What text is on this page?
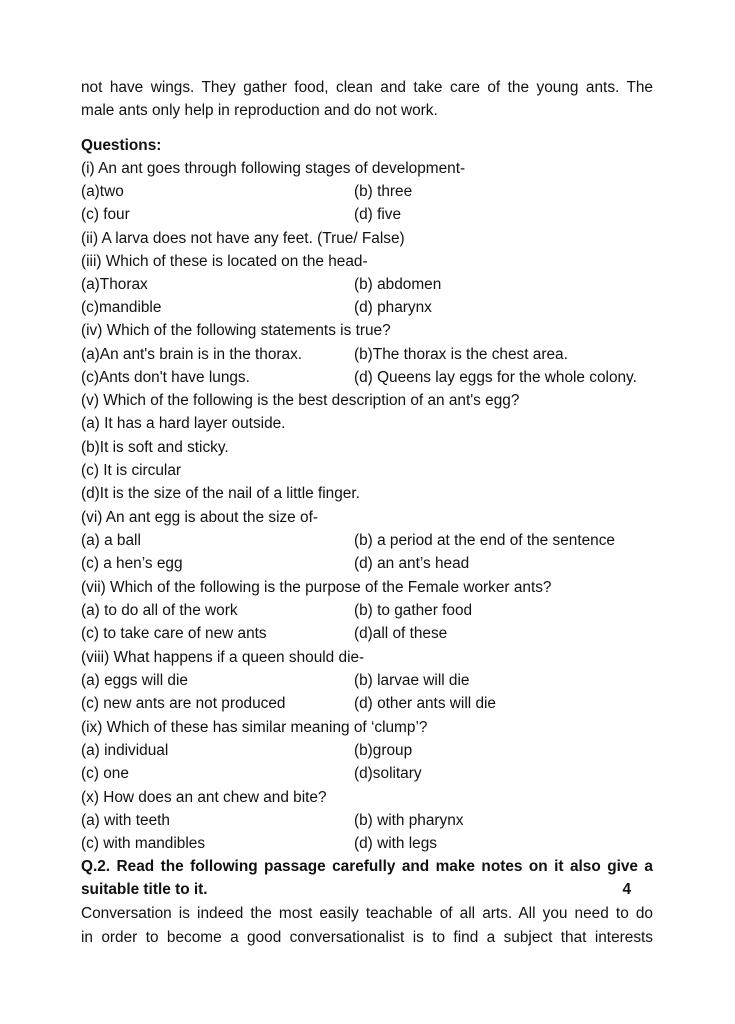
not have wings. They gather food, clean and take care of the young ants. The
male ants only help in reproduction and do not work.
Questions:
(i) An ant goes through following stages of development-
(a)two	(b) three
(c) four	(d) five
(ii) A larva does not have any feet. (True/ False)
(iii) Which of these is located on the head-
(a)Thorax	(b) abdomen
(c)mandible	(d) pharynx
(iv) Which of the following statements is true?
(a)An ant's brain is in the thorax.	(b)The thorax is the chest area.
(c)Ants don't have lungs.	(d) Queens lay eggs for the whole colony.
(v) Which of the following is the best description of an ant's egg?
(a) It has a hard layer outside.
(b)It is soft and sticky.
(c) It is circular
(d)It is the size of the nail of a little finger.
(vi) An ant egg is about the size of-
(a) a ball	(b) a period at the end of the sentence
(c) a hen’s egg	(d) an ant’s head
(vii) Which of the following is the purpose of the Female worker ants?
(a) to do all of the work	(b) to gather food
(c) to take care of new ants	(d)all of these
(viii) What happens if a queen should die-
(a) eggs will die	(b) larvae will die
(c) new ants are not produced	(d) other ants will die
(ix) Which of these has similar meaning of ‘clump’?
(a) individual	(b)group
(c) one	(d)solitary
(x) How does an ant chew and bite?
(a) with teeth	(b) with pharynx
(c) with mandibles	(d) with legs
Q.2. Read the following passage carefully and make notes on it also give a
suitable title to it.	4
Conversation is indeed the most easily teachable of all arts. All you need to do
in order to become a good conversationalist is to find a subject that interests
